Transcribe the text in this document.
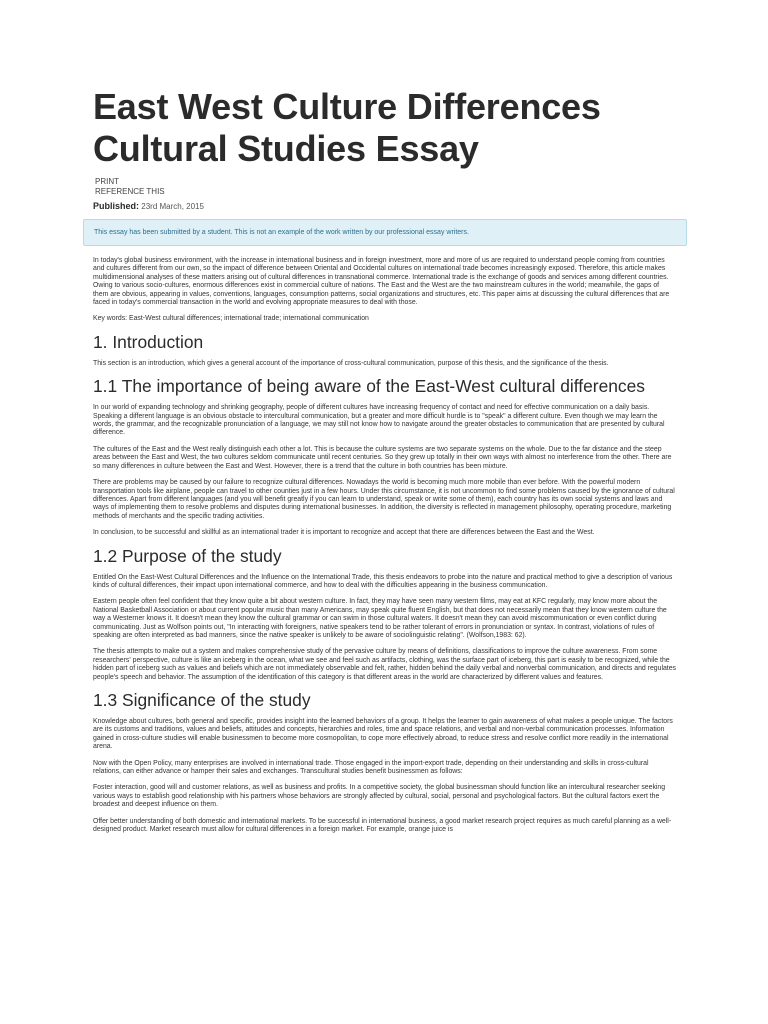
East West Culture Differences Cultural Studies Essay
PRINT
REFERENCE THIS
Published: 23rd March, 2015
This essay has been submitted by a student. This is not an example of the work written by our professional essay writers.

In today's global business environment, with the increase in international business and in foreign investment, more and more of us are required to understand people coming from countries and cultures different from our own, so the impact of difference between Oriental and Occidental cultures on international trade becomes increasingly exposed. Therefore, this article makes multidimensional analyses of these matters arising out of cultural differences in transnational commerce. International trade is the exchange of goods and services among different countries. Owing to various socio-cultures, enormous differences exist in commercial culture of nations. The East and the West are the two mainstream cultures in the world; meanwhile, the gaps of them are obvious, appearing in values, conventions, languages, consumption patterns, social organizations and structures, etc. This paper aims at discussing the cultural differences that are faced in today's commercial transaction in the world and evolving appropriate measures to deal with those.

Key words: East-West cultural differences; international trade; international communication

1. Introduction

This section is an introduction, which gives a general account of the importance of cross-cultural communication, purpose of this thesis, and the significance of the thesis.

1.1 The importance of being aware of the East-West cultural differences

In our world of expanding technology and shrinking geography, people of different cultures have increasing frequency of contact and need for effective communication on a daily basis. Speaking a different language is an obvious obstacle to intercultural communication, but a greater and more difficult hurdle is to "speak" a different culture. Even though we may learn the words, the grammar, and the recognizable pronunciation of a language, we may still not know how to navigate around the greater obstacles to communication that are presented by cultural difference.

The cultures of the East and the West really distinguish each other a lot. This is because the culture systems are two separate systems on the whole. Due to the far distance and the steep areas between the East and West, the two cultures seldom communicate until recent centuries. So they grew up totally in their own ways with almost no interference from the other. There are so many differences in culture between the East and West. However, there is a trend that the culture in both countries has been mixture.

There are problems may be caused by our failure to recognize cultural differences. Nowadays the world is becoming much more mobile than ever before. With the powerful modern transportation tools like airplane, people can travel to other counties just in a few hours. Under this circumstance, it is not uncommon to find some problems caused by the ignorance of cultural differences. Apart from different languages (and you will benefit greatly if you can learn to understand, speak or write some of them), each country has its own social systems and laws and ways of implementing them to resolve problems and disputes during international businesses. In addition, the diversity is reflected in management philosophy, operating procedure, marketing methods of merchants and the specific trading activities.

In conclusion, to be successful and skillful as an international trader it is important to recognize and accept that there are differences between the East and the West.

1.2 Purpose of the study

Entitled On the East-West Cultural Differences and the Influence on the International Trade, this thesis endeavors to probe into the nature and practical method to give a description of various kinds of cultural differences, their impact upon international commerce, and how to deal with the difficulties appearing in the business communication.

Eastern people often feel confident that they know quite a bit about western culture. In fact, they may have seen many western films, may eat at KFC regularly, may know more about the National Basketball Association or about current popular music than many Americans, may speak quite fluent English, but that does not necessarily mean that they know western culture the way a Westerner knows it. It doesn't mean they know the cultural grammar or can swim in those cultural waters. It doesn't mean they can avoid miscommunication or even conflict during communicating. Just as Wolfson points out, "In interacting with foreigners, native speakers tend to be rather tolerant of errors in pronunciation or syntax. In contrast, violations of rules of speaking are often interpreted as bad manners, since the native speaker is unlikely to be aware of sociolinguistic relating". (Wolfson,1983: 62).

The thesis attempts to make out a system and makes comprehensive study of the pervasive culture by means of definitions, classifications to improve the culture awareness. From some researchers' perspective, culture is like an iceberg in the ocean, what we see and feel such as artifacts, clothing, was the surface part of iceberg, this part is easily to be recognized, while the hidden part of iceberg such as values and beliefs which are not immediately observable and felt, rather, hidden behind the daily verbal and nonverbal communication, and directs and regulates people's speech and behavior. The assumption of the identification of this category is that different areas in the world are characterized by different values and features.

1.3 Significance of the study

Knowledge about cultures, both general and specific, provides insight into the learned behaviors of a group. It helps the learner to gain awareness of what makes a people unique. The factors are its customs and traditions, values and beliefs, attitudes and concepts, hierarchies and roles, time and space relations, and verbal and non-verbal communication processes. Information gained in cross-culture studies will enable businessmen to become more cosmopolitan, to cope more effectively abroad, to reduce stress and resolve conflict more readily in the international arena.

Now with the Open Policy, many enterprises are involved in international trade. Those engaged in the import-export trade, depending on their understanding and skills in cross-cultural relations, can either advance or hamper their sales and exchanges. Transcultural studies benefit businessmen as follows:

Foster interaction, good will and customer relations, as well as business and profits. In a competitive society, the global businessman should function like an intercultural researcher seeking various ways to establish good relationship with his partners whose behaviors are strongly affected by cultural, social, personal and psychological factors. But the cultural factors exert the broadest and deepest influence on them.

Offer better understanding of both domestic and international markets. To be successful in international business, a good market research project requires as much careful planning as a well-designed product. Market research must allow for cultural differences in a foreign market. For example, orange juice is
